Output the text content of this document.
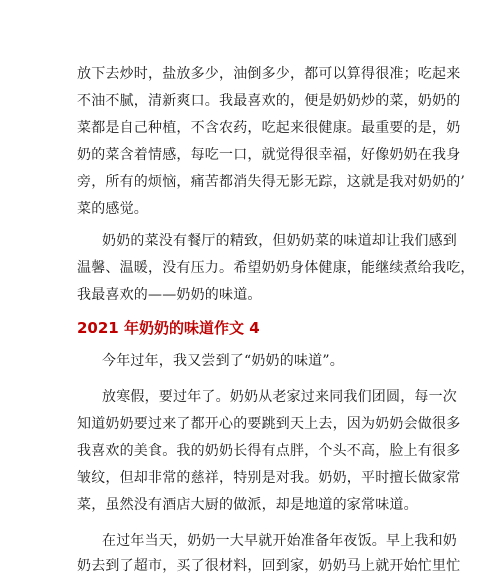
放下去炒时，盐放多少，油倒多少，都可以算得很准；吃起来
不油不腻，清新爽口。我最喜欢的，便是奶奶炒的菜，奶奶的
菜都是自己种植，不含农药，吃起来很健康。最重要的是，奶
奶的菜含着情感，每吃一口，就觉得很幸福，好像奶奶在我身
旁，所有的烦恼，痛苦都消失得无影无踪，这就是我对奶奶的’
菜的感觉。
奶奶的菜没有餐厅的精致，但奶奶菜的味道却让我们感到
温馨、温暖，没有压力。希望奶奶身体健康，能继续煮给我吃，
我最喜欢的——奶奶的味道。
2021 年奶奶的味道作文 4
今年过年，我又尝到了“奶奶的味道”。
放寒假，要过年了。奶奶从老家过来同我们团圆，每一次
知道奶奶要过来了都开心的要跳到天上去，因为奶奶会做很多
我喜欢的美食。我的奶奶长得有点胖，个头不高，脸上有很多
皱纹，但却非常的慈祥，特别是对我。奶奶，平时擅长做家常
菜，虽然没有酒店大厨的做派，却是地道的家常味道。
在过年当天，奶奶一大早就开始准备年夜饭。早上我和奶
奶去到了超市，买了很材料，回到家，奶奶马上就开始忙里忙
